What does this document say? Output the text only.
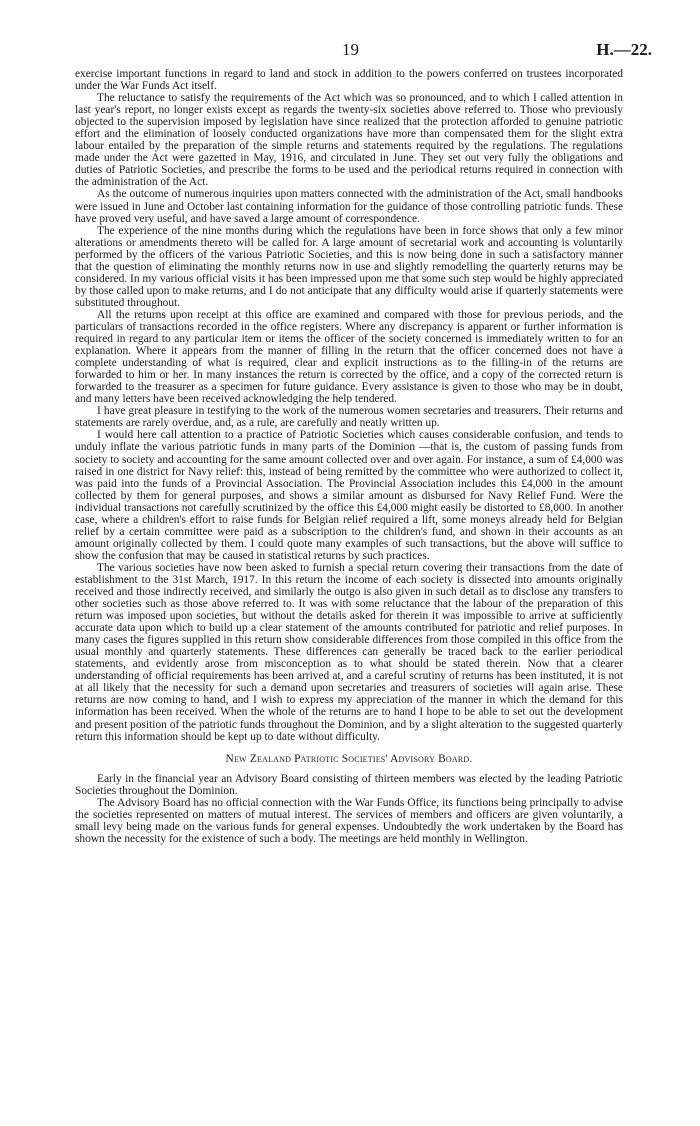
19	H.—22.

exercise important functions in regard to land and stock in addition to the powers conferred on trustees incorporated under the War Funds Act itself.

The reluctance to satisfy the requirements of the Act which was so pronounced, and to which I called attention in last year's report, no longer exists except as regards the twenty-six societies above referred to. Those who previously objected to the supervision imposed by legislation have since realized that the protection afforded to genuine patriotic effort and the elimination of loosely conducted organizations have more than compensated them for the slight extra labour entailed by the preparation of the simple returns and statements required by the regulations. The regulations made under the Act were gazetted in May, 1916, and circulated in June. They set out very fully the obligations and duties of Patriotic Societies, and prescribe the forms to be used and the periodical returns required in connection with the administration of the Act.

As the outcome of numerous inquiries upon matters connected with the administration of the Act, small handbooks were issued in June and October last containing information for the guidance of those controlling patriotic funds. These have proved very useful, and have saved a large amount of correspondence.

The experience of the nine months during which the regulations have been in force shows that only a few minor alterations or amendments thereto will be called for. A large amount of secretarial work and accounting is voluntarily performed by the officers of the various Patriotic Societies, and this is now being done in such a satisfactory manner that the question of eliminating the monthly returns now in use and slightly remodelling the quarterly returns may be considered. In my various official visits it has been impressed upon me that some such step would be highly appreciated by those called upon to make returns, and I do not anticipate that any difficulty would arise if quarterly statements were substituted throughout.

All the returns upon receipt at this office are examined and compared with those for previous periods, and the particulars of transactions recorded in the office registers. Where any discrepancy is apparent or further information is required in regard to any particular item or items the officer of the society concerned is immediately written to for an explanation. Where it appears from the manner of filling in the return that the officer concerned does not have a complete understanding of what is required, clear and explicit instructions as to the filling-in of the returns are forwarded to him or her. In many instances the return is corrected by the office, and a copy of the corrected return is forwarded to the treasurer as a specimen for future guidance. Every assistance is given to those who may be in doubt, and many letters have been received acknowledging the help tendered.

I have great pleasure in testifying to the work of the numerous women secretaries and treasurers. Their returns and statements are rarely overdue, and, as a rule, are carefully and neatly written up.

I would here call attention to a practice of Patriotic Societies which causes considerable confusion, and tends to unduly inflate the various patriotic funds in many parts of the Dominion —that is, the custom of passing funds from society to society and accounting for the same amount collected over and over again. For instance, a sum of £4,000 was raised in one district for Navy relief: this, instead of being remitted by the committee who were authorized to collect it, was paid into the funds of a Provincial Association. The Provincial Association includes this £4,000 in the amount collected by them for general purposes, and shows a similar amount as disbursed for Navy Relief Fund. Were the individual transactions not carefully scrutinized by the office this £4,000 might easily be distorted to £8,000. In another case, where a children's effort to raise funds for Belgian relief required a lift, some moneys already held for Belgian relief by a certain committee were paid as a subscription to the children's fund, and shown in their accounts as an amount originally collected by them. I could quote many examples of such transactions, but the above will suffice to show the confusion that may be caused in statistical returns by such practices.

The various societies have now been asked to furnish a special return covering their transactions from the date of establishment to the 31st March, 1917. In this return the income of each society is dissected into amounts originally received and those indirectly received, and similarly the outgo is also given in such detail as to disclose any transfers to other societies such as those above referred to. It was with some reluctance that the labour of the preparation of this return was imposed upon societies, but without the details asked for therein it was impossible to arrive at sufficiently accurate data upon which to build up a clear statement of the amounts contributed for patriotic and relief purposes. In many cases the figures supplied in this return show considerable differences from those compiled in this office from the usual monthly and quarterly statements. These differences can generally be traced back to the earlier periodical statements, and evidently arose from misconception as to what should be stated therein. Now that a clearer understanding of official requirements has been arrived at, and a careful scrutiny of returns has been instituted, it is not at all likely that the necessity for such a demand upon secretaries and treasurers of societies will again arise. These returns are now coming to hand, and I wish to express my appreciation of the manner in which the demand for this information has been received. When the whole of the returns are to hand I hope to be able to set out the development and present position of the patriotic funds throughout the Dominion, and by a slight alteration to the suggested quarterly return this information should be kept up to date without difficulty.

New Zealand Patriotic Societies' Advisory Board.

Early in the financial year an Advisory Board consisting of thirteen members was elected by the leading Patriotic Societies throughout the Dominion.

The Advisory Board has no official connection with the War Funds Office, its functions being principally to advise the societies represented on matters of mutual interest. The services of members and officers are given voluntarily, a small levy being made on the various funds for general expenses. Undoubtedly the work undertaken by the Board has shown the necessity for the existence of such a body. The meetings are held monthly in Wellington.
